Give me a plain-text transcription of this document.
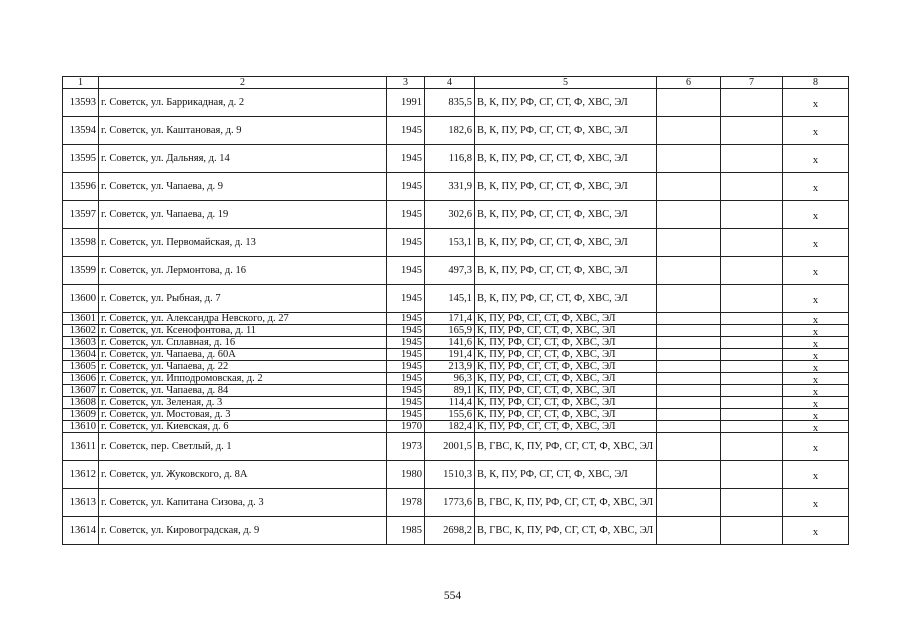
1	2	3	4	5	6	7	8
13593	г. Советск, ул. Баррикадная, д. 2	1991	835,5	В, К, ПУ, РФ, СГ, СТ, Ф, ХВС, ЭЛ			х
13594	г. Советск, ул. Каштановая, д. 9	1945	182,6	В, К, ПУ, РФ, СГ, СТ, Ф, ХВС, ЭЛ			х
13595	г. Советск, ул. Дальняя, д. 14	1945	116,8	В, К, ПУ, РФ, СГ, СТ, Ф, ХВС, ЭЛ			х
13596	г. Советск, ул. Чапаева, д. 9	1945	331,9	В, К, ПУ, РФ, СГ, СТ, Ф, ХВС, ЭЛ			х
13597	г. Советск, ул. Чапаева, д. 19	1945	302,6	В, К, ПУ, РФ, СГ, СТ, Ф, ХВС, ЭЛ			х
13598	г. Советск, ул. Первомайская, д. 13	1945	153,1	В, К, ПУ, РФ, СГ, СТ, Ф, ХВС, ЭЛ			х
13599	г. Советск, ул. Лермонтова, д. 16	1945	497,3	В, К, ПУ, РФ, СГ, СТ, Ф, ХВС, ЭЛ			х
13600	г. Советск, ул. Рыбная, д. 7	1945	145,1	В, К, ПУ, РФ, СГ, СТ, Ф, ХВС, ЭЛ			х
13601	г. Советск, ул. Александра Невского, д. 27	1945	171,4	К, ПУ, РФ, СГ, СТ, Ф, ХВС, ЭЛ			х
13602	г. Советск, ул. Ксенофонтова, д. 11	1945	165,9	К, ПУ, РФ, СГ, СТ, Ф, ХВС, ЭЛ			х
13603	г. Советск, ул. Сплавная, д. 16	1945	141,6	К, ПУ, РФ, СГ, СТ, Ф, ХВС, ЭЛ			х
13604	г. Советск, ул. Чапаева, д. 60А	1945	191,4	К, ПУ, РФ, СГ, СТ, Ф, ХВС, ЭЛ			х
13605	г. Советск, ул. Чапаева, д. 22	1945	213,9	К, ПУ, РФ, СГ, СТ, Ф, ХВС, ЭЛ			х
13606	г. Советск, ул. Ипподромовская, д. 2	1945	96,3	К, ПУ, РФ, СГ, СТ, Ф, ХВС, ЭЛ			х
13607	г. Советск, ул. Чапаева, д. 84	1945	89,1	К, ПУ, РФ, СГ, СТ, Ф, ХВС, ЭЛ			х
13608	г. Советск, ул. Зеленая, д. 3	1945	114,4	К, ПУ, РФ, СГ, СТ, Ф, ХВС, ЭЛ			х
13609	г. Советск, ул. Мостовая, д. 3	1945	155,6	К, ПУ, РФ, СГ, СТ, Ф, ХВС, ЭЛ			х
13610	г. Советск, ул. Киевская, д. 6	1970	182,4	К, ПУ, РФ, СГ, СТ, Ф, ХВС, ЭЛ			х
13611	г. Советск, пер. Светлый, д. 1	1973	2001,5	В, ГВС, К, ПУ, РФ, СГ, СТ, Ф, ХВС, ЭЛ			х
13612	г. Советск, ул. Жуковского, д. 8А	1980	1510,3	В, К, ПУ, РФ, СГ, СТ, Ф, ХВС, ЭЛ			х
13613	г. Советск, ул. Капитана Сизова, д. 3	1978	1773,6	В, ГВС, К, ПУ, РФ, СГ, СТ, Ф, ХВС, ЭЛ			х
13614	г. Советск, ул. Кировоградская, д. 9	1985	2698,2	В, ГВС, К, ПУ, РФ, СГ, СТ, Ф, ХВС, ЭЛ			х
554
